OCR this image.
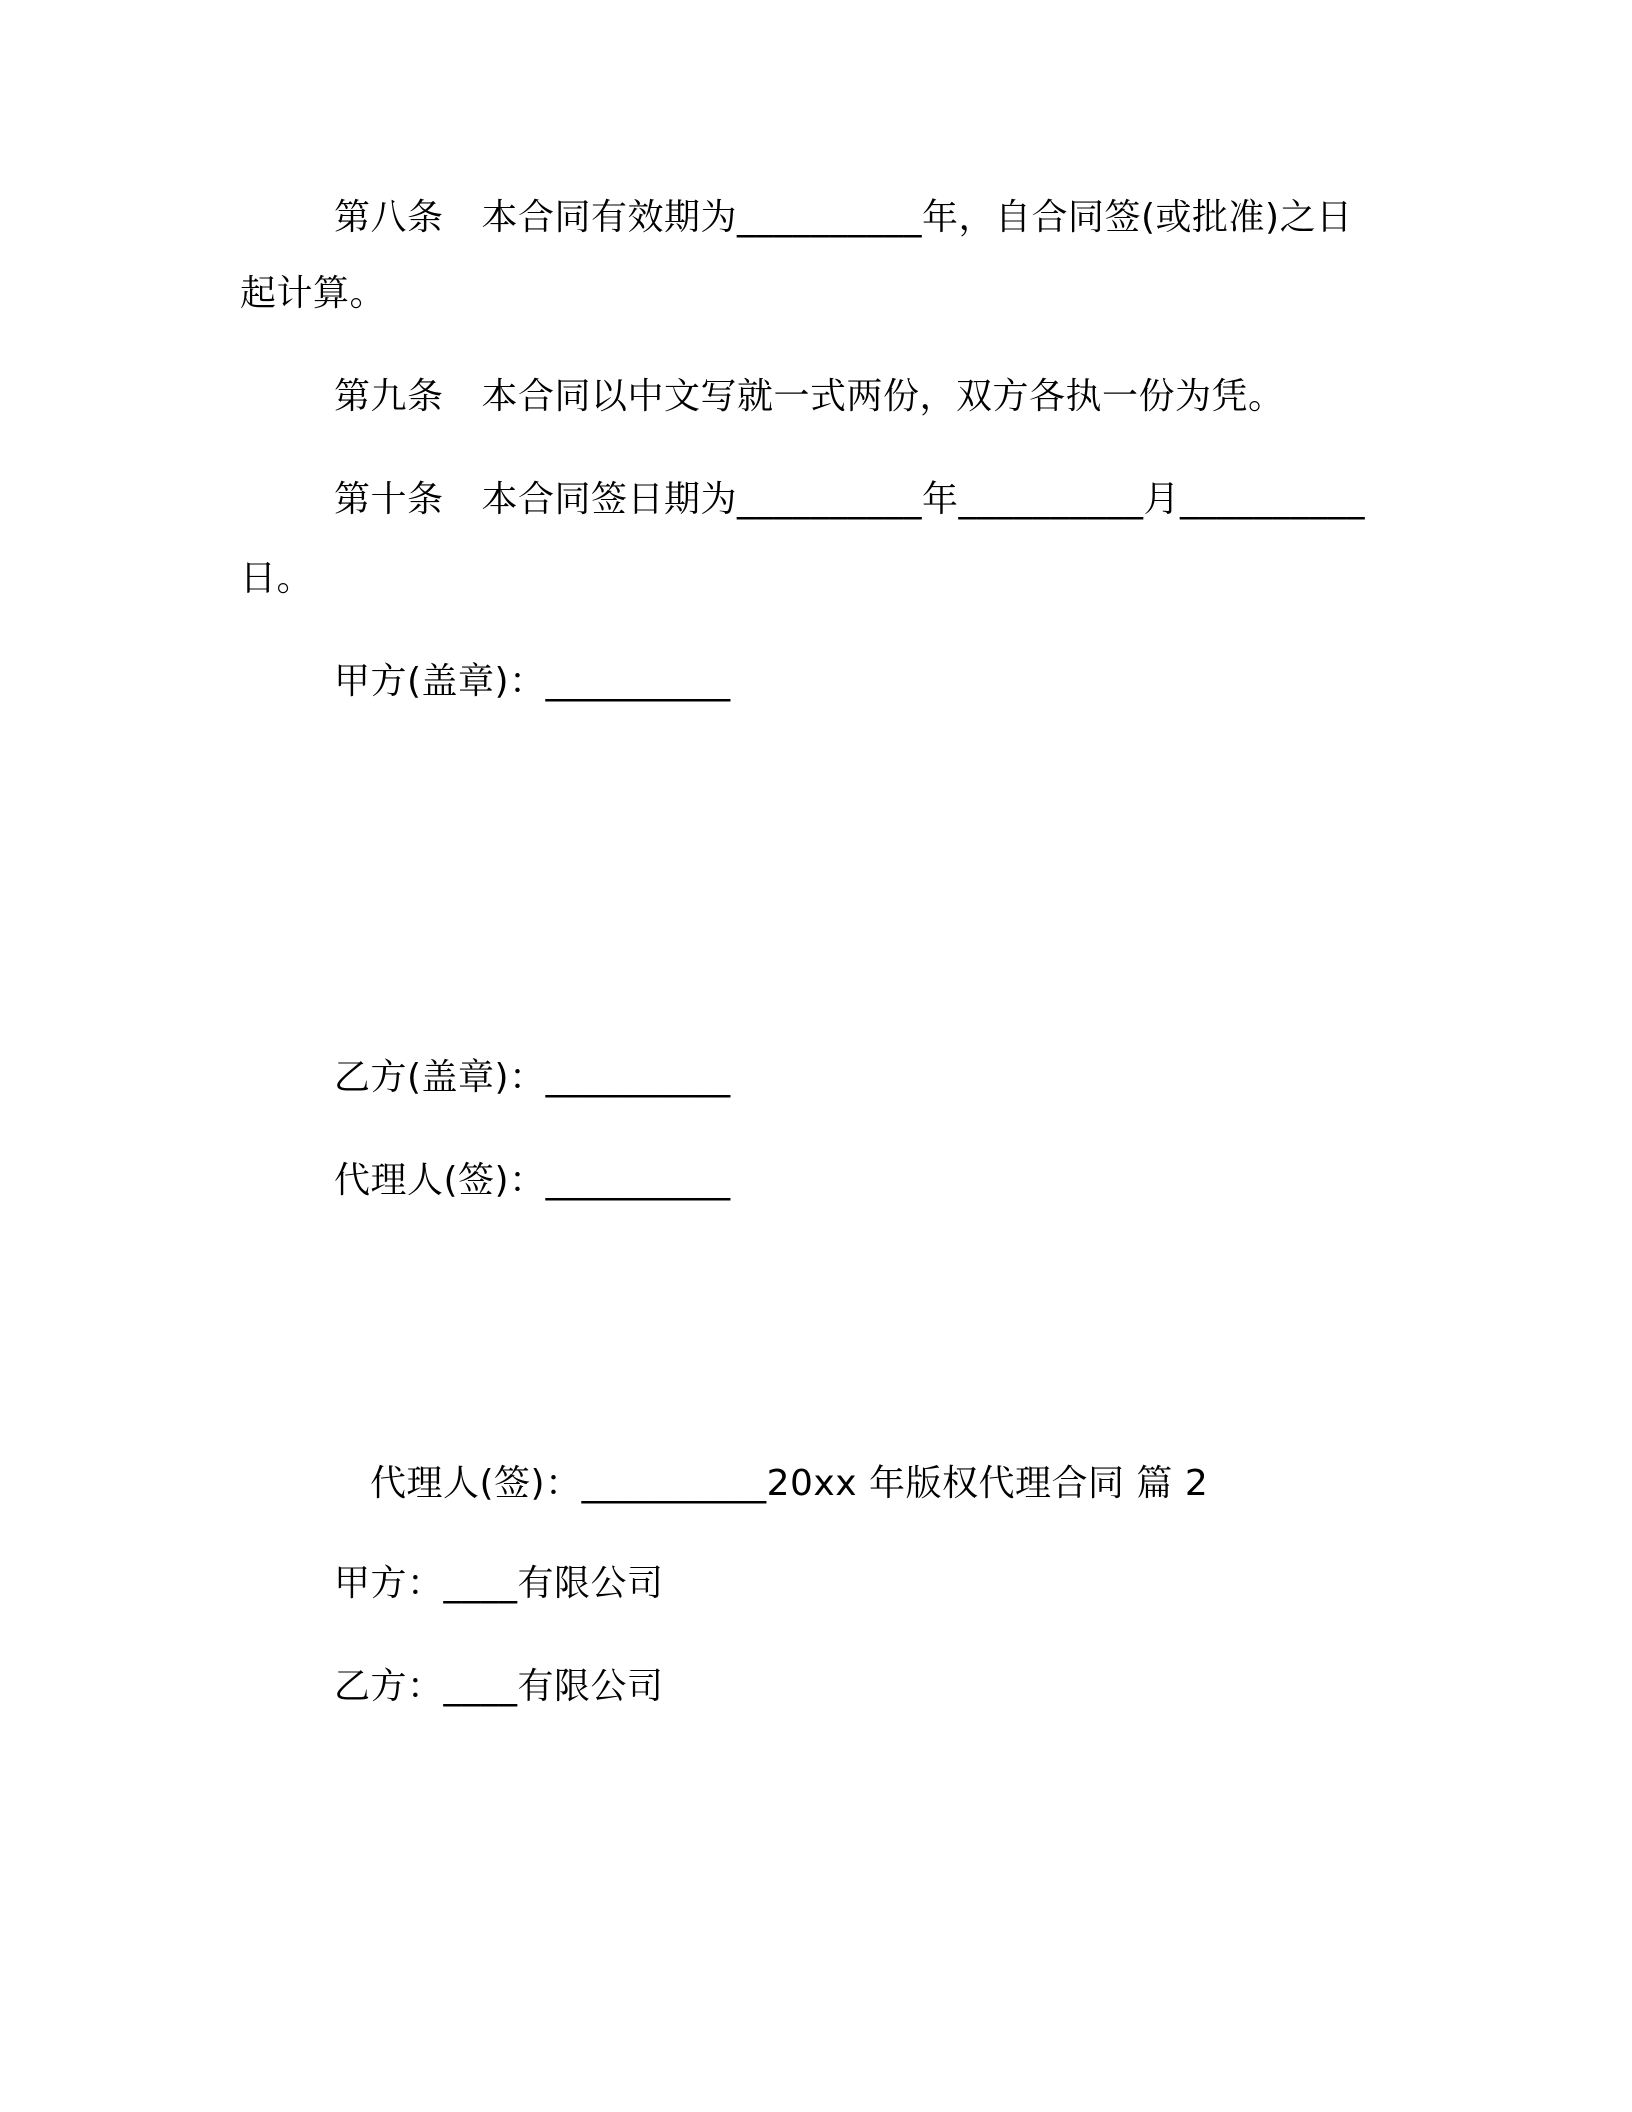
第八条 本合同有效期为__________年，自合同签(或批准)之日
起计算。
第九条 本合同以中文写就一式两份，双方各执一份为凭。
第十条 本合同签日期为__________年__________月__________
日。
甲方(盖章)：__________
乙方(盖章)：__________
代理人(签)：__________
代理人(签)：__________20xx 年版权代理合同 篇 2
甲方：____有限公司
乙方：____有限公司
